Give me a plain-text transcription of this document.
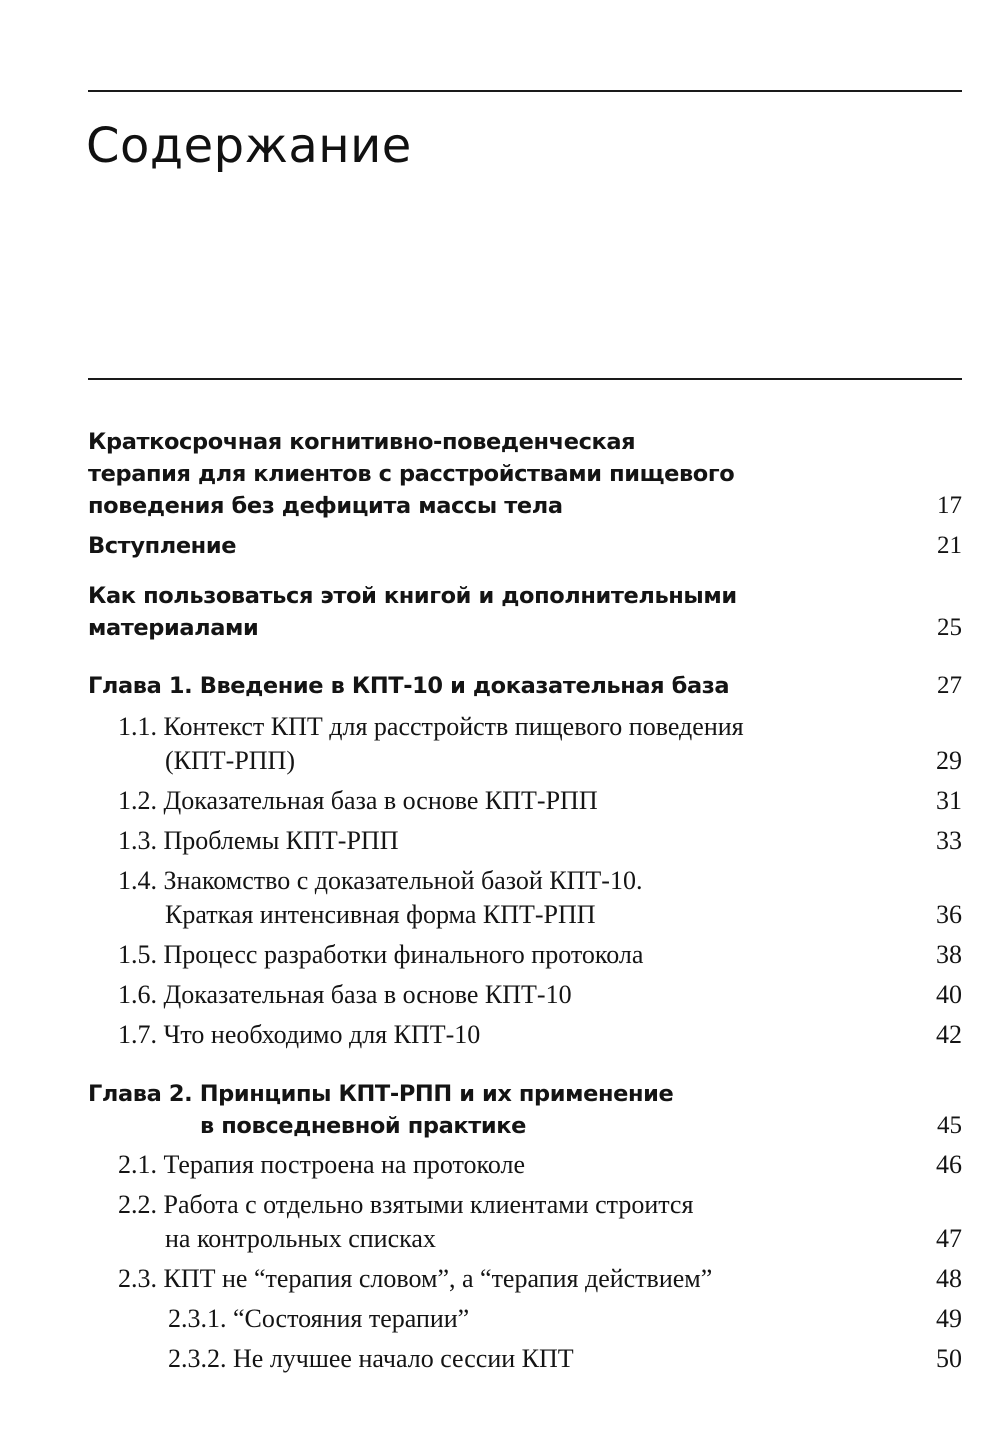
Содержание
Краткосрочная когнитивно-поведенческая
терапия для клиентов с расстройствами пищевого
поведения без дефицита массы тела	17
Вступление	21
Как пользоваться этой книгой и дополнительными
материалами	25
Глава 1. Введение в КПТ-10 и доказательная база	27
1.1. Контекст КПТ для расстройств пищевого поведения
(КПТ-РПП)	29
1.2. Доказательная база в основе КПТ-РПП	31
1.3. Проблемы КПТ-РПП	33
1.4. Знакомство с доказательной базой КПТ-10.
Краткая интенсивная форма КПТ-РПП	36
1.5. Процесс разработки финального протокола	38
1.6. Доказательная база в основе КПТ-10	40
1.7. Что необходимо для КПТ-10	42
Глава 2. Принципы КПТ-РПП и их применение
в повседневной практике	45
2.1. Терапия построена на протоколе	46
2.2. Работа с отдельно взятыми клиентами строится
на контрольных списках	47
2.3. КПТ не “терапия словом”, а “терапия действием”	48
2.3.1. “Состояния терапии”	49
2.3.2. Не лучшее начало сессии КПТ	50
